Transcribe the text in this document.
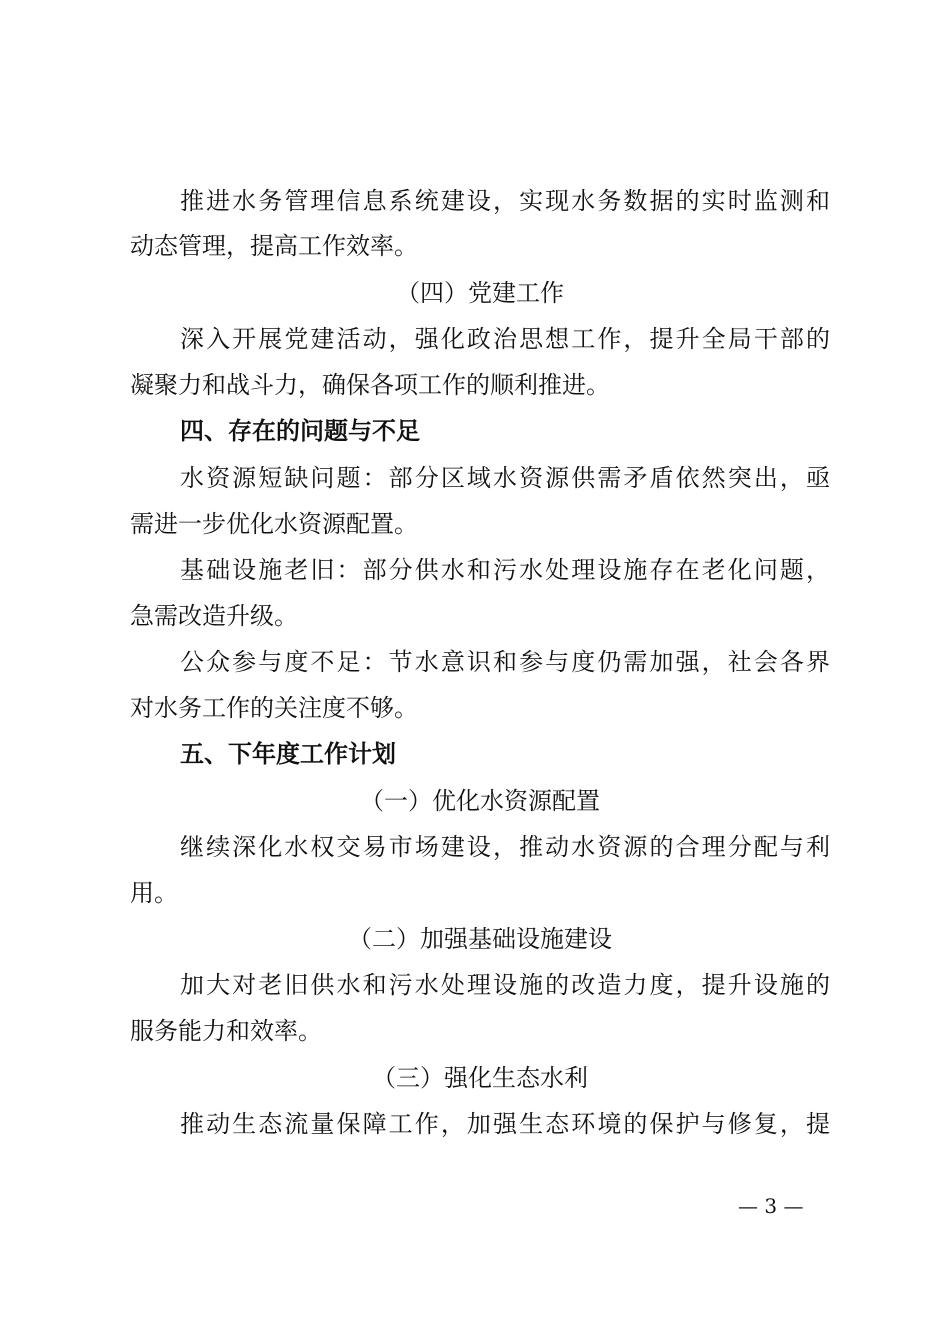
推进水务管理信息系统建设，实现水务数据的实时监测和
动态管理，提高工作效率。
（四）党建工作
深入开展党建活动，强化政治思想工作，提升全局干部的
凝聚力和战斗力，确保各项工作的顺利推进。
四、存在的问题与不足
水资源短缺问题：部分区域水资源供需矛盾依然突出，亟
需进一步优化水资源配置。
基础设施老旧：部分供水和污水处理设施存在老化问题，
急需改造升级。
公众参与度不足：节水意识和参与度仍需加强，社会各界
对水务工作的关注度不够。
五、下年度工作计划
（一）优化水资源配置
继续深化水权交易市场建设，推动水资源的合理分配与利
用。
（二）加强基础设施建设
加大对老旧供水和污水处理设施的改造力度，提升设施的
服务能力和效率。
（三）强化生态水利
推动生态流量保障工作，加强生态环境的保护与修复，提
— 3 —
